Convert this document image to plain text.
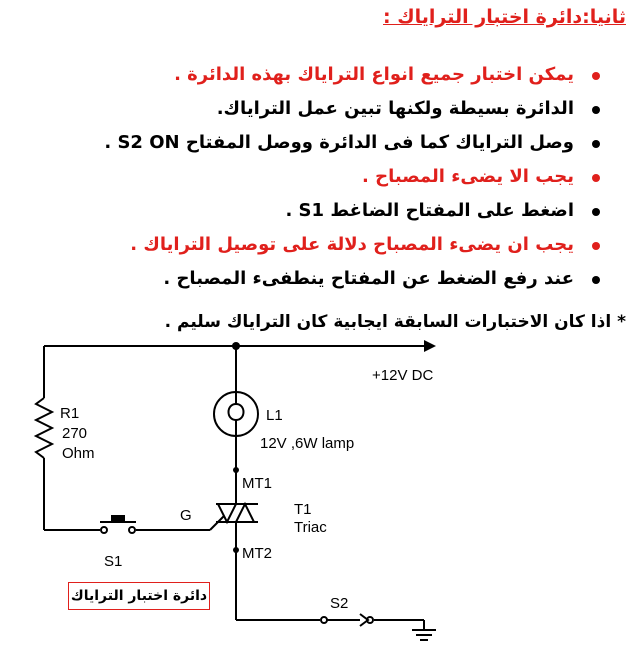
ثانيا:دائرة اختبار التراياك :
يمكن اختبار جميع انواع التراياك بهذه الدائرة .
الدائرة بسيطة ولكنها تبين عمل التراياك.
وصل التراياك كما فى الدائرة ووصل المفتاح S2 ON .
يجب الا يضىء المصباح .
اضغط على المفتاح الضاغط S1 .
يجب ان يضىء المصباح دلالة على توصيل التراياك .
عند رفع الضغط عن المفتاح ينطفىء المصباح .
* اذا كان الاختبارات السابقة ايجابية كان التراياك سليم .
+12V DC
R1
270
Ohm
L1
12V ,6W lamp
MT1
MT2
G	T1
Triac
S1
S2
دائرة اختبار التراياك
